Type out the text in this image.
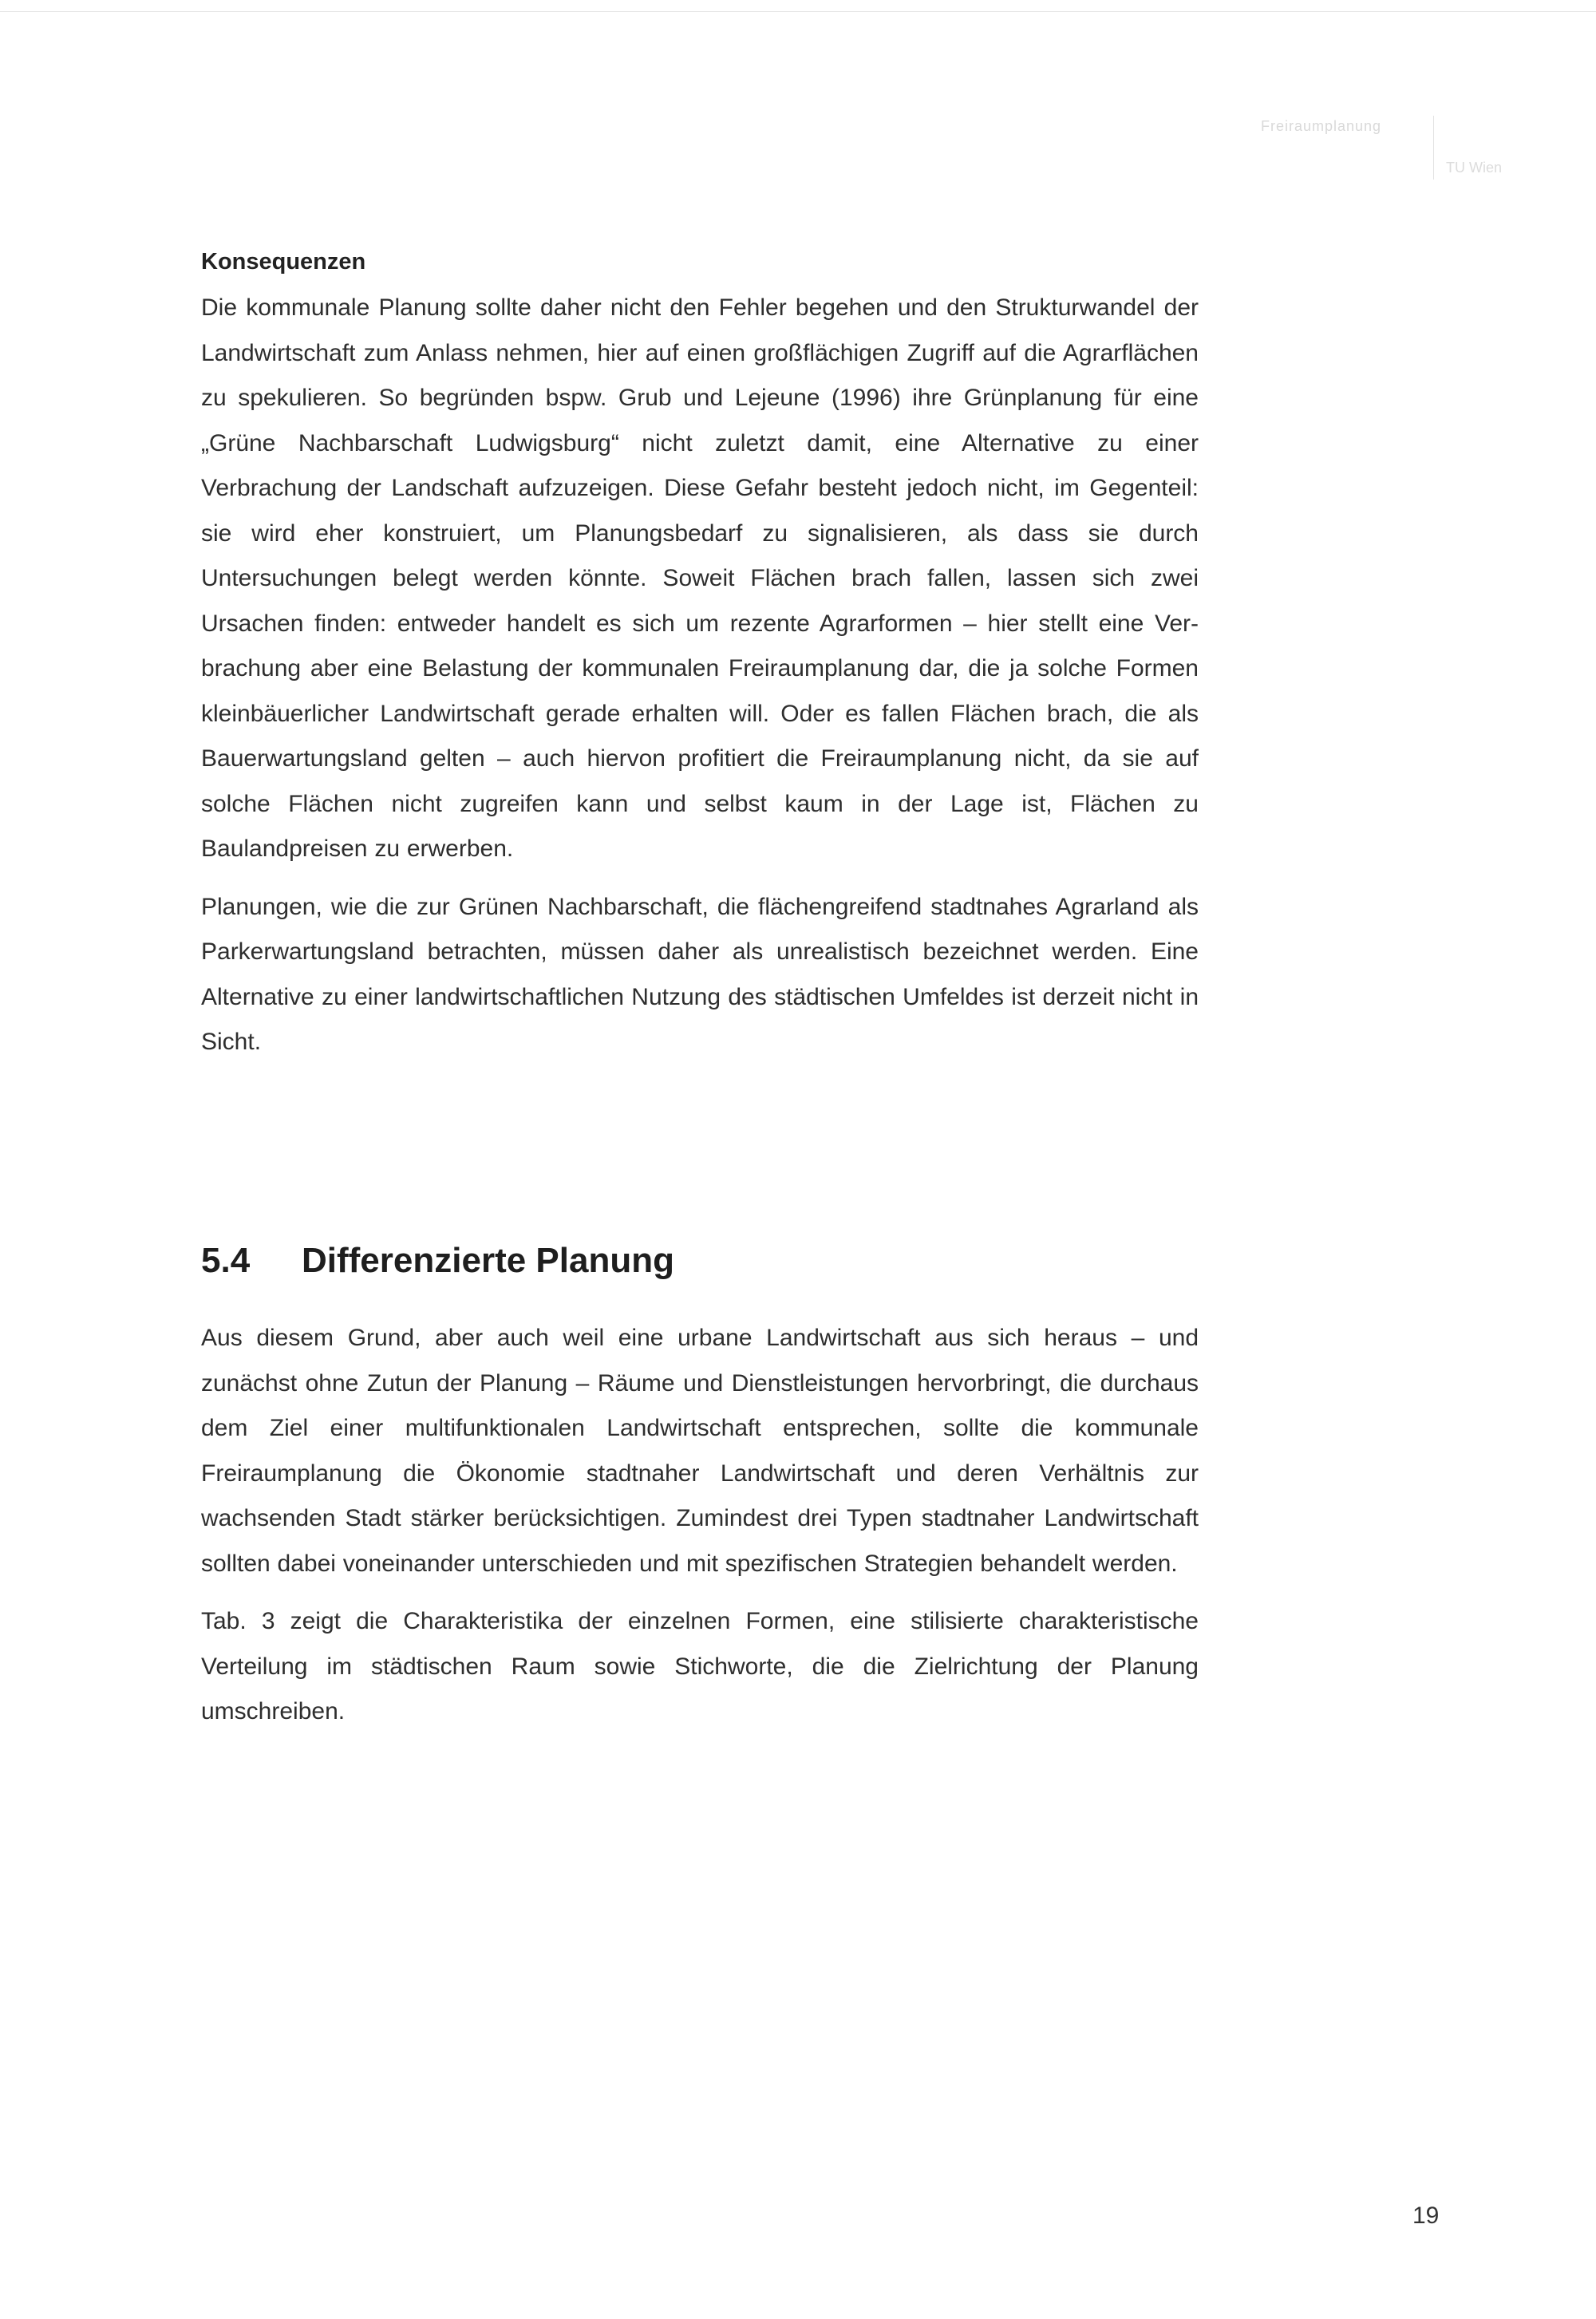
Freiraumplanung
TU Wien

Konsequenzen

Die kommunale Planung sollte daher nicht den Fehler begehen und den Strukturwandel der Landwirtschaft zum Anlass nehmen, hier auf einen großflächigen Zugriff auf die Agrarflächen zu spekulieren. So begründen bspw. Grub und Lejeune (1996) ihre Grünplanung für eine „Grüne Nachbarschaft Ludwigsburg“ nicht zuletzt damit, eine Alternative zu einer Verbrachung der Landschaft aufzuzeigen. Diese Gefahr besteht jedoch nicht, im Gegenteil: sie wird eher konstruiert, um Planungsbedarf zu signalisieren, als dass sie durch Untersuchungen belegt werden könnte. Soweit Flächen brach fallen, lassen sich zwei Ursachen finden: entweder handelt es sich um rezente Agrarformen – hier stellt eine Verbrachung aber eine Belastung der kommunalen Freiraumplanung dar, die ja solche Formen kleinbäuerlicher Landwirtschaft gerade erhalten will. Oder es fallen Flächen brach, die als Bauerwartungsland gelten – auch hiervon profitiert die Freiraumplanung nicht, da sie auf solche Flächen nicht zugreifen kann und selbst kaum in der Lage ist, Flächen zu Baulandpreisen zu erwerben.

Planungen, wie die zur Grünen Nachbarschaft, die flächengreifend stadtnahes Agrarland als Parkerwartungsland betrachten, müssen daher als unrealistisch bezeichnet werden. Eine Alternative zu einer landwirtschaftlichen Nutzung des städtischen Umfeldes ist derzeit nicht in Sicht.

5.4	Differenzierte Planung

Aus diesem Grund, aber auch weil eine urbane Landwirtschaft aus sich heraus – und zunächst ohne Zutun der Planung – Räume und Dienstleistungen hervorbringt, die durchaus dem Ziel einer multifunktionalen Landwirtschaft entsprechen, sollte die kommunale Freiraumplanung die Ökonomie stadtnaher Landwirtschaft und deren Verhältnis zur wachsenden Stadt stärker berücksichtigen. Zumindest drei Typen stadtnaher Landwirtschaft sollten dabei voneinander unterschieden und mit spezifischen Strategien behandelt werden.

Tab. 3 zeigt die Charakteristika der einzelnen Formen, eine stilisierte charakteristische Verteilung im städtischen Raum sowie Stichworte, die die Zielrichtung der Planung umschreiben.

19
